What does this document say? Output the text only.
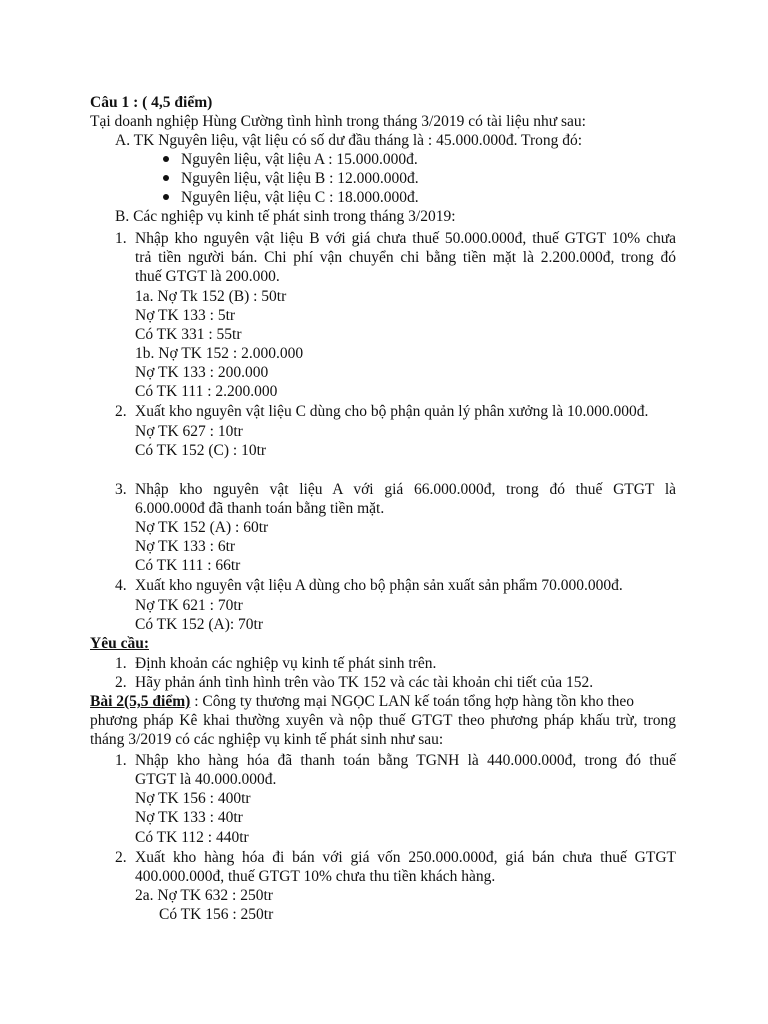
Câu 1 : ( 4,5 điểm)
Tại doanh nghiệp Hùng Cường tình hình trong tháng 3/2019 có tài liệu như sau:
A. TK Nguyên liệu, vật liệu có số dư đầu tháng là : 45.000.000đ. Trong đó:
Nguyên liệu, vật liệu A : 15.000.000đ.
Nguyên liệu, vật liệu B : 12.000.000đ.
Nguyên liệu, vật liệu C : 18.000.000đ.
B. Các nghiệp vụ kinh tế phát sinh trong tháng 3/2019:
1. Nhập kho nguyên vật liệu B với giá chưa thuế 50.000.000đ, thuế GTGT 10% chưa
trả tiền người bán. Chi phí vận chuyển chi bằng tiền mặt là 2.200.000đ, trong đó
thuế GTGT là 200.000.
1a. Nợ Tk 152 (B) : 50tr
Nợ TK 133 : 5tr
Có TK 331 : 55tr
1b. Nợ TK 152 : 2.000.000
Nợ TK 133 : 200.000
Có TK 111 : 2.200.000
2. Xuất kho nguyên vật liệu C dùng cho bộ phận quản lý phân xưởng là 10.000.000đ.
Nợ TK 627 : 10tr
Có TK 152 (C) : 10tr
3. Nhập kho nguyên vật liệu A với giá 66.000.000đ, trong đó thuế GTGT là
6.000.000đ đã thanh toán bằng tiền mặt.
Nợ TK 152 (A) : 60tr
Nợ TK 133 : 6tr
Có TK 111 : 66tr
4. Xuất kho nguyên vật liệu A dùng cho bộ phận sản xuất sản phẩm 70.000.000đ.
Nợ TK 621 : 70tr
Có TK 152 (A): 70tr
Yêu cầu:
1. Định khoản các nghiệp vụ kinh tế phát sinh trên.
2. Hãy phản ánh tình hình trên vào TK 152 và các tài khoản chi tiết của 152.
Bài 2(5,5 điểm) : Công ty thương mại NGỌC LAN kế toán tổng hợp hàng tồn kho theo
phương pháp Kê khai thường xuyên và nộp thuế GTGT theo phương pháp khấu trừ, trong
tháng 3/2019 có các nghiệp vụ kinh tế phát sinh như sau:
1. Nhập kho hàng hóa đã thanh toán bằng TGNH là 440.000.000đ, trong đó thuế
GTGT là 40.000.000đ.
Nợ TK 156 : 400tr
Nợ TK 133 : 40tr
Có TK 112 : 440tr
2. Xuất kho hàng hóa đi bán với giá vốn 250.000.000đ, giá bán chưa thuế GTGT
400.000.000đ, thuế GTGT 10% chưa thu tiền khách hàng.
2a. Nợ TK 632 : 250tr
Có TK 156 : 250tr
